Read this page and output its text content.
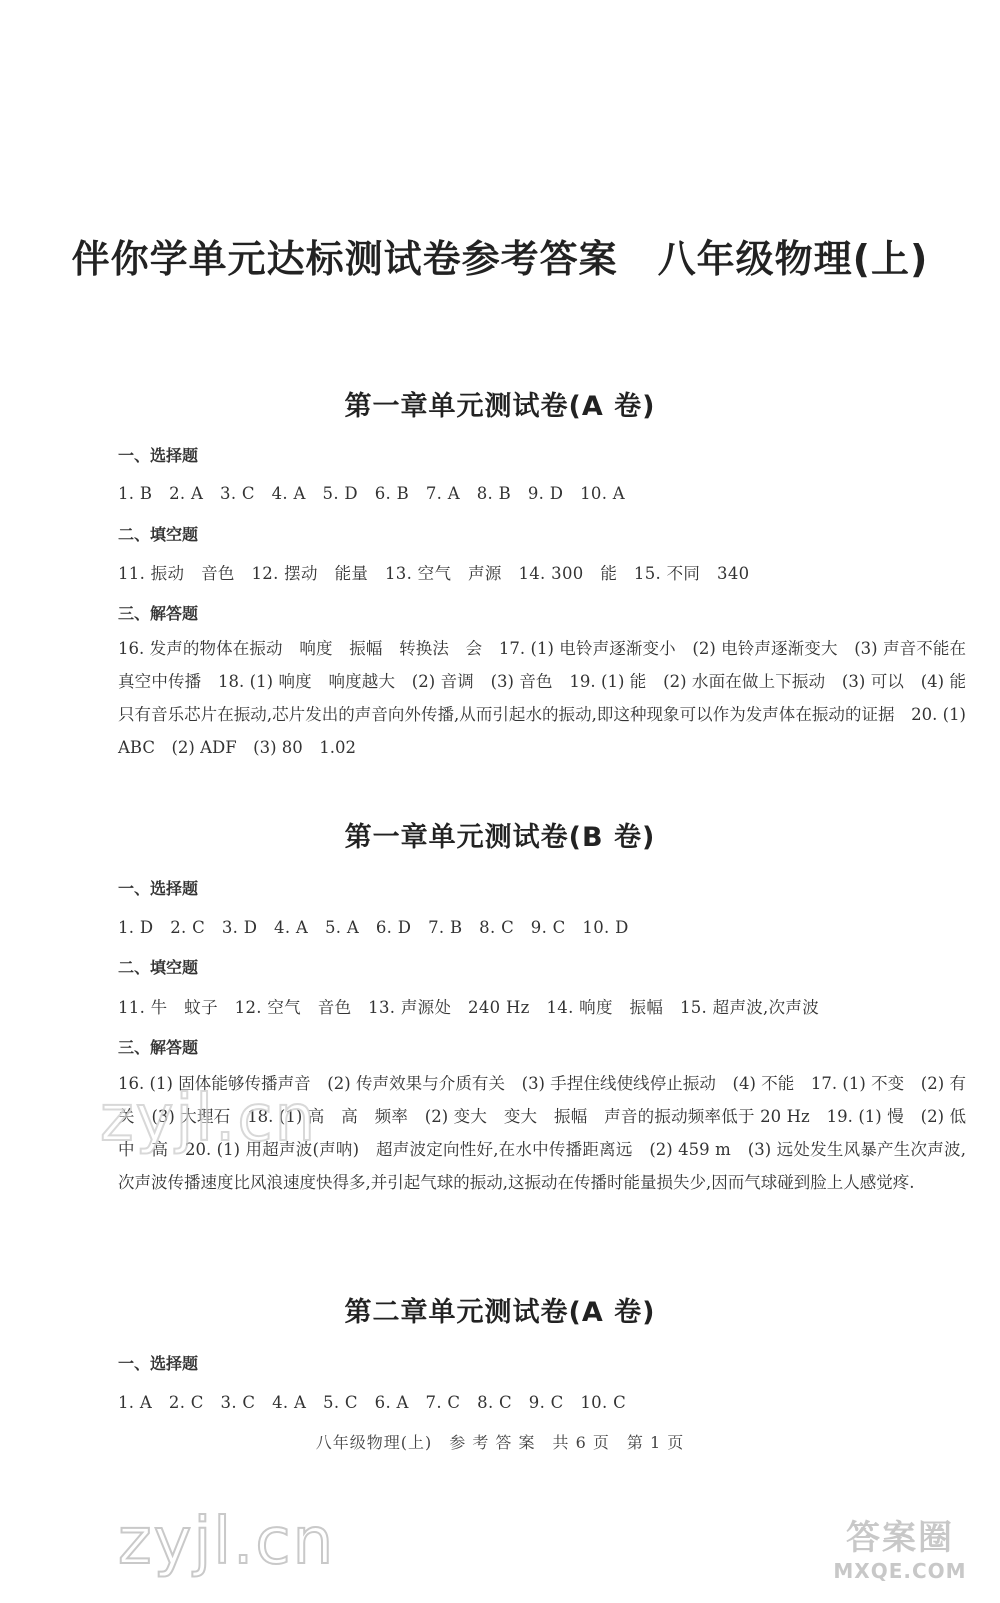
伴你学单元达标测试卷参考答案 八年级物理(上)
第一章单元测试卷(A 卷)
一、选择题
1. B　2. A　3. C　4. A　5. D　6. B　7. A　8. B　9. D　10. A
二、填空题
11. 振动　音色　12. 摆动　能量　13. 空气　声源　14. 300　能　15. 不同　340
三、解答题
16. 发声的物体在振动　响度　振幅　转换法　会　17. (1) 电铃声逐渐变小　(2) 电铃声逐渐变大　(3) 声音不能在真空中传播　18. (1) 响度　响度越大　(2) 音调　(3) 音色　19. (1) 能　(2) 水面在做上下振动　(3) 可以　(4) 能　只有音乐芯片在振动,芯片发出的声音向外传播,从而引起水的振动,即这种现象可以作为发声体在振动的证据　20. (1) ABC　(2) ADF　(3) 80　1.02
第一章单元测试卷(B 卷)
一、选择题
1. D　2. C　3. D　4. A　5. A　6. D　7. B　8. C　9. C　10. D
二、填空题
11. 牛　蚊子　12. 空气　音色　13. 声源处　240 Hz　14. 响度　振幅　15. 超声波,次声波
三、解答题
16. (1) 固体能够传播声音　(2) 传声效果与介质有关　(3) 手捏住线使线停止振动　(4) 不能　17. (1) 不变　(2) 有关　(3) 大理石　18. (1) 高　高　频率　(2) 变大　变大　振幅　声音的振动频率低于 20 Hz　19. (1) 慢　(2) 低　中　高　20. (1) 用超声波(声呐)　超声波定向性好,在水中传播距离远　(2) 459 m　(3) 远处发生风暴产生次声波,次声波传播速度比风浪速度快得多,并引起气球的振动,这振动在传播时能量损失少,因而气球碰到脸上人感觉疼.
第二章单元测试卷(A 卷)
一、选择题
1. A　2. C　3. C　4. A　5. C　6. A　7. C　8. C　9. C　10. C
八年级物理(上)　参 考 答 案　共 6 页　第 1 页
zyjl.cn
zyjl.cn	答案圈
MXQE.COM
